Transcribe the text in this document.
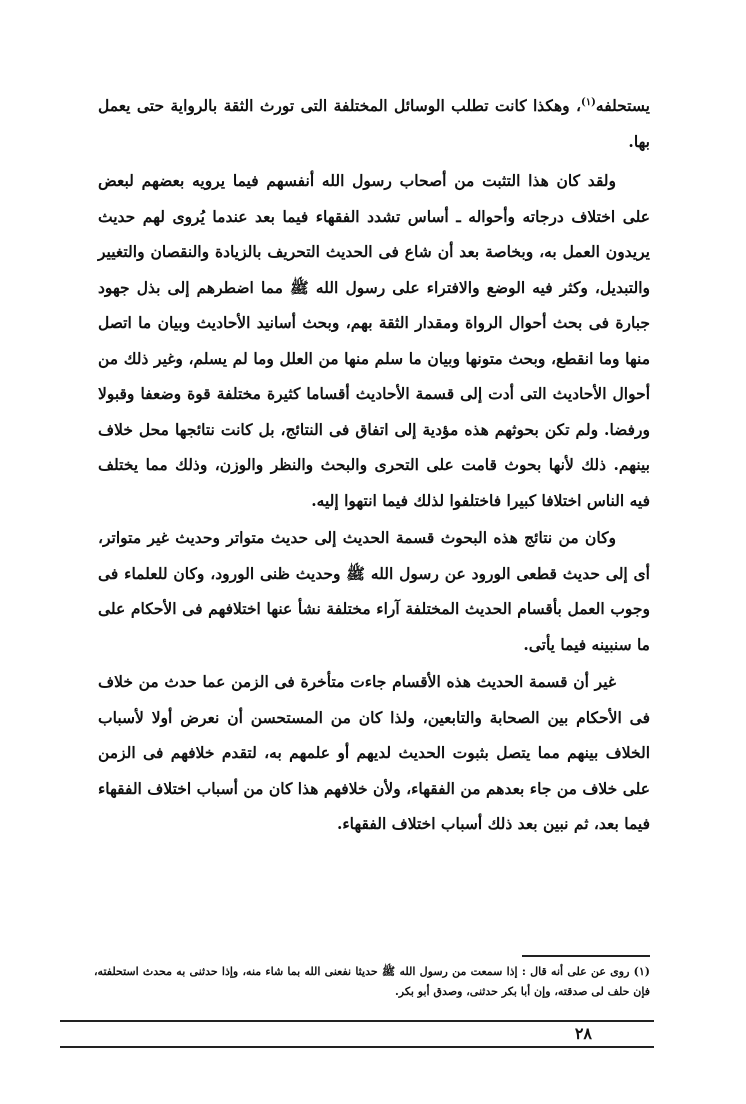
يستحلفه$^{(١)}$، وهكذا كانت تطلب الوسائل المختلفة التى تورث الثقة بالرواية حتى يعمل بها.

ولقد كان هذا التثبت من أصحاب رسول الله أنفسهم فيما يرويه بعضهم لبعض على اختلاف درجاته وأحواله ـ أساس تشدد الفقهاء فيما بعد عندما يُروى لهم حديث يريدون العمل به، وبخاصة بعد أن شاع فى الحديث التحريف بالزيادة والنقصان والتغيير والتبديل، وكثر فيه الوضع والافتراء على رسول الله ﷺ مما اضطرهم إلى بذل جهود جبارة فى بحث أحوال الرواة ومقدار الثقة بهم، وبحث أسانيد الأحاديث وبيان ما اتصل منها وما انقطع، وبحث متونها وبيان ما سلم منها من العلل وما لم يسلم، وغير ذلك من أحوال الأحاديث التى أدت إلى قسمة الأحاديث أقساما كثيرة مختلفة قوة وضعفا وقبولا ورفضا. ولم تكن بحوثهم هذه مؤدية إلى اتفاق فى النتائج، بل كانت نتائجها محل خلاف بينهم. ذلك لأنها بحوث قامت على التحرى والبحث والنظر والوزن، وذلك مما يختلف فيه الناس اختلافا كبيرا فاختلفوا لذلك فيما انتهوا إليه.

وكان من نتائج هذه البحوث قسمة الحديث إلى حديث متواتر وحديث غير متواتر، أى إلى حديث قطعى الورود عن رسول الله ﷺ وحديث ظنى الورود، وكان للعلماء فى وجوب العمل بأقسام الحديث المختلفة آراء مختلفة نشأ عنها اختلافهم فى الأحكام على ما سنبينه فيما يأتى.

غير أن قسمة الحديث هذه الأقسام جاءت متأخرة فى الزمن عما حدث من خلاف فى الأحكام بين الصحابة والتابعين، ولذا كان من المستحسن أن نعرض أولا لأسباب الخلاف بينهم مما يتصل بثبوت الحديث لديهم أو علمهم به، لتقدم خلافهم فى الزمن على خلاف من جاء بعدهم من الفقهاء، ولأن خلافهم هذا كان من أسباب اختلاف الفقهاء فيما بعد، ثم نبين بعد ذلك أسباب اختلاف الفقهاء.

(١) روى عن على أنه قال : إذا سمعت من رسول الله ﷺ حديثا نفعنى الله بما شاء منه، وإذا حدثنى به محدث استحلفته، فإن حلف لى صدقته، وإن أبا بكر حدثنى، وصدق أبو بكر.

٢٨
